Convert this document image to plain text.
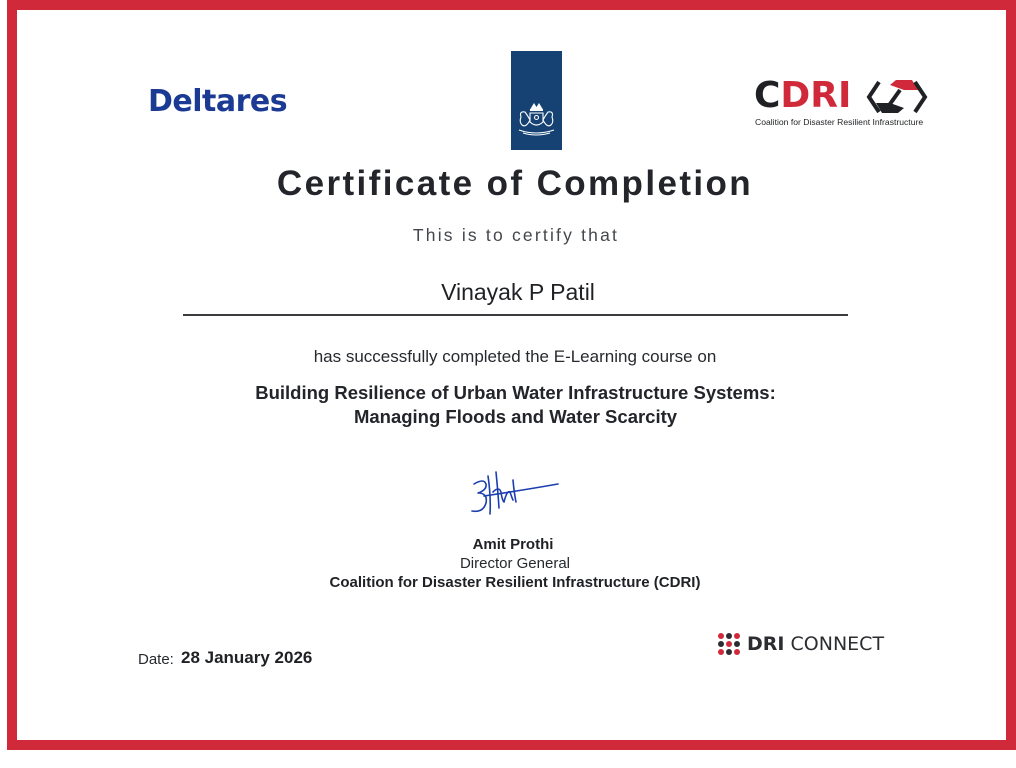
Deltares	CDRI
Coalition for Disaster Resilient Infrastructure
Certificate of Completion
This is to certify that
Vinayak P Patil
has successfully completed the E-Learning course on
Building Resilience of Urban Water Infrastructure Systems:
Managing Floods and Water Scarcity
Amit Prothi
Director General
Coalition for Disaster Resilient Infrastructure (CDRI)
Date: 28 January 2026
DRI CONNECT
